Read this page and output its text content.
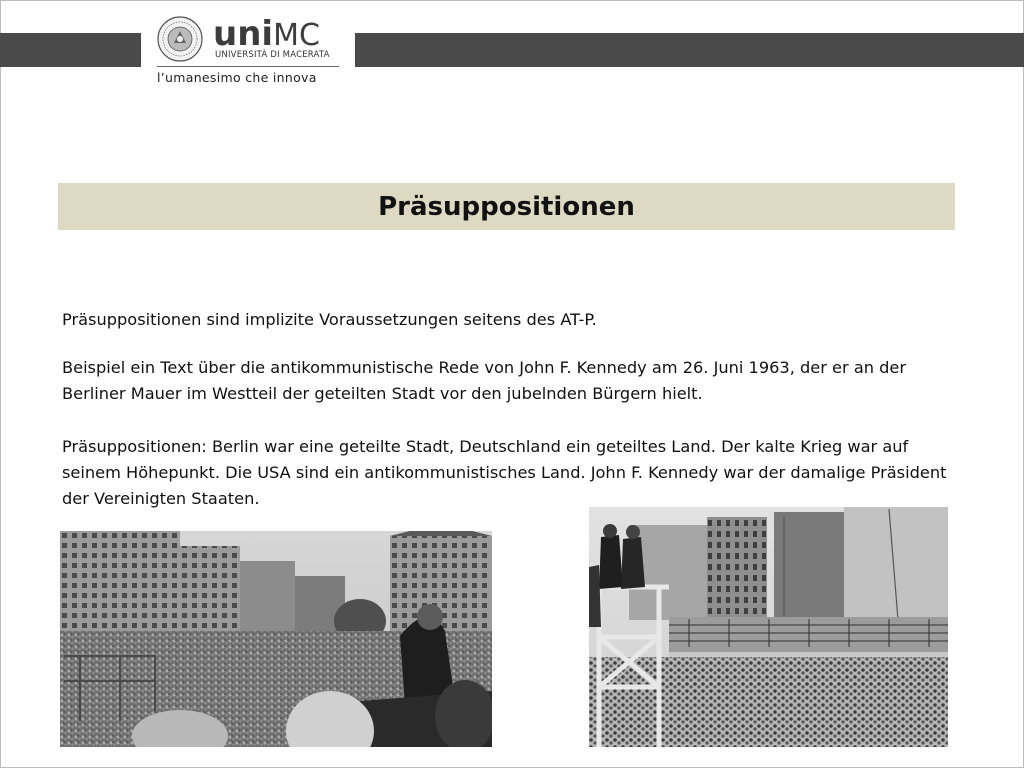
uniMC
UNIVERSITÀ DI MACERATA
l’umanesimo che innova
Präsuppositionen
Präsuppositionen sind implizite Voraussetzungen seitens des AT-P.
Beispiel ein Text über die antikommunistische Rede von John F. Kennedy am 26. Juni 1963, der er an der Berliner Mauer im Westteil der geteilten Stadt vor den jubelnden Bürgern hielt.
Präsuppositionen: Berlin war eine geteilte Stadt, Deutschland ein geteiltes Land. Der kalte Krieg war auf seinem Höhepunkt. Die USA sind ein antikommunistisches Land. John F. Kennedy war der damalige Präsident der Vereinigten Staaten.
